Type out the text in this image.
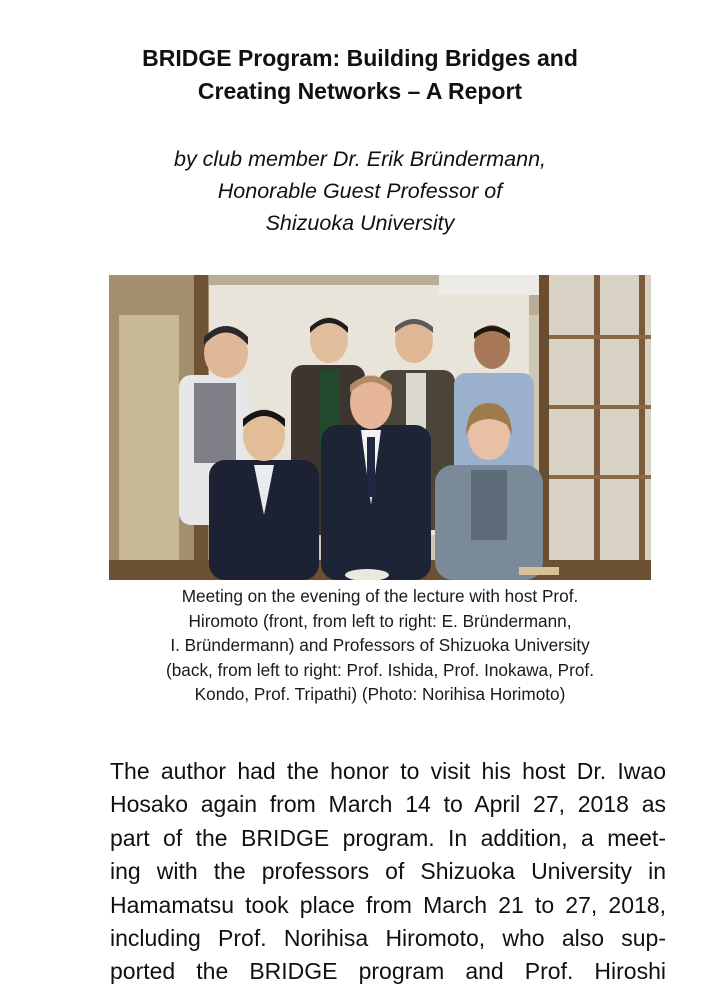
BRIDGE Program: Building Bridges and
Creating Networks – A Report
by club member Dr. Erik Bründermann,
Honorable Guest Professor of
Shizuoka University
Meeting on the evening of the lecture with host Prof.
Hiromoto (front, from left to right: E. Bründermann,
I. Bründermann) and Professors of Shizuoka University
(back, from left to right: Prof. Ishida, Prof. Inokawa, Prof.
Kondo, Prof. Tripathi) (Photo: Norihisa Horimoto)
The author had the honor to visit his host Dr. Iwao
Hosako again from March 14 to April 27, 2018 as
part of the BRIDGE program. In addition, a meet-
ing with the professors of Shizuoka University in
Hamamatsu took place from March 21 to 27, 2018,
including Prof. Norihisa Hiromoto, who also sup-
ported the BRIDGE program and Prof. Hiroshi
